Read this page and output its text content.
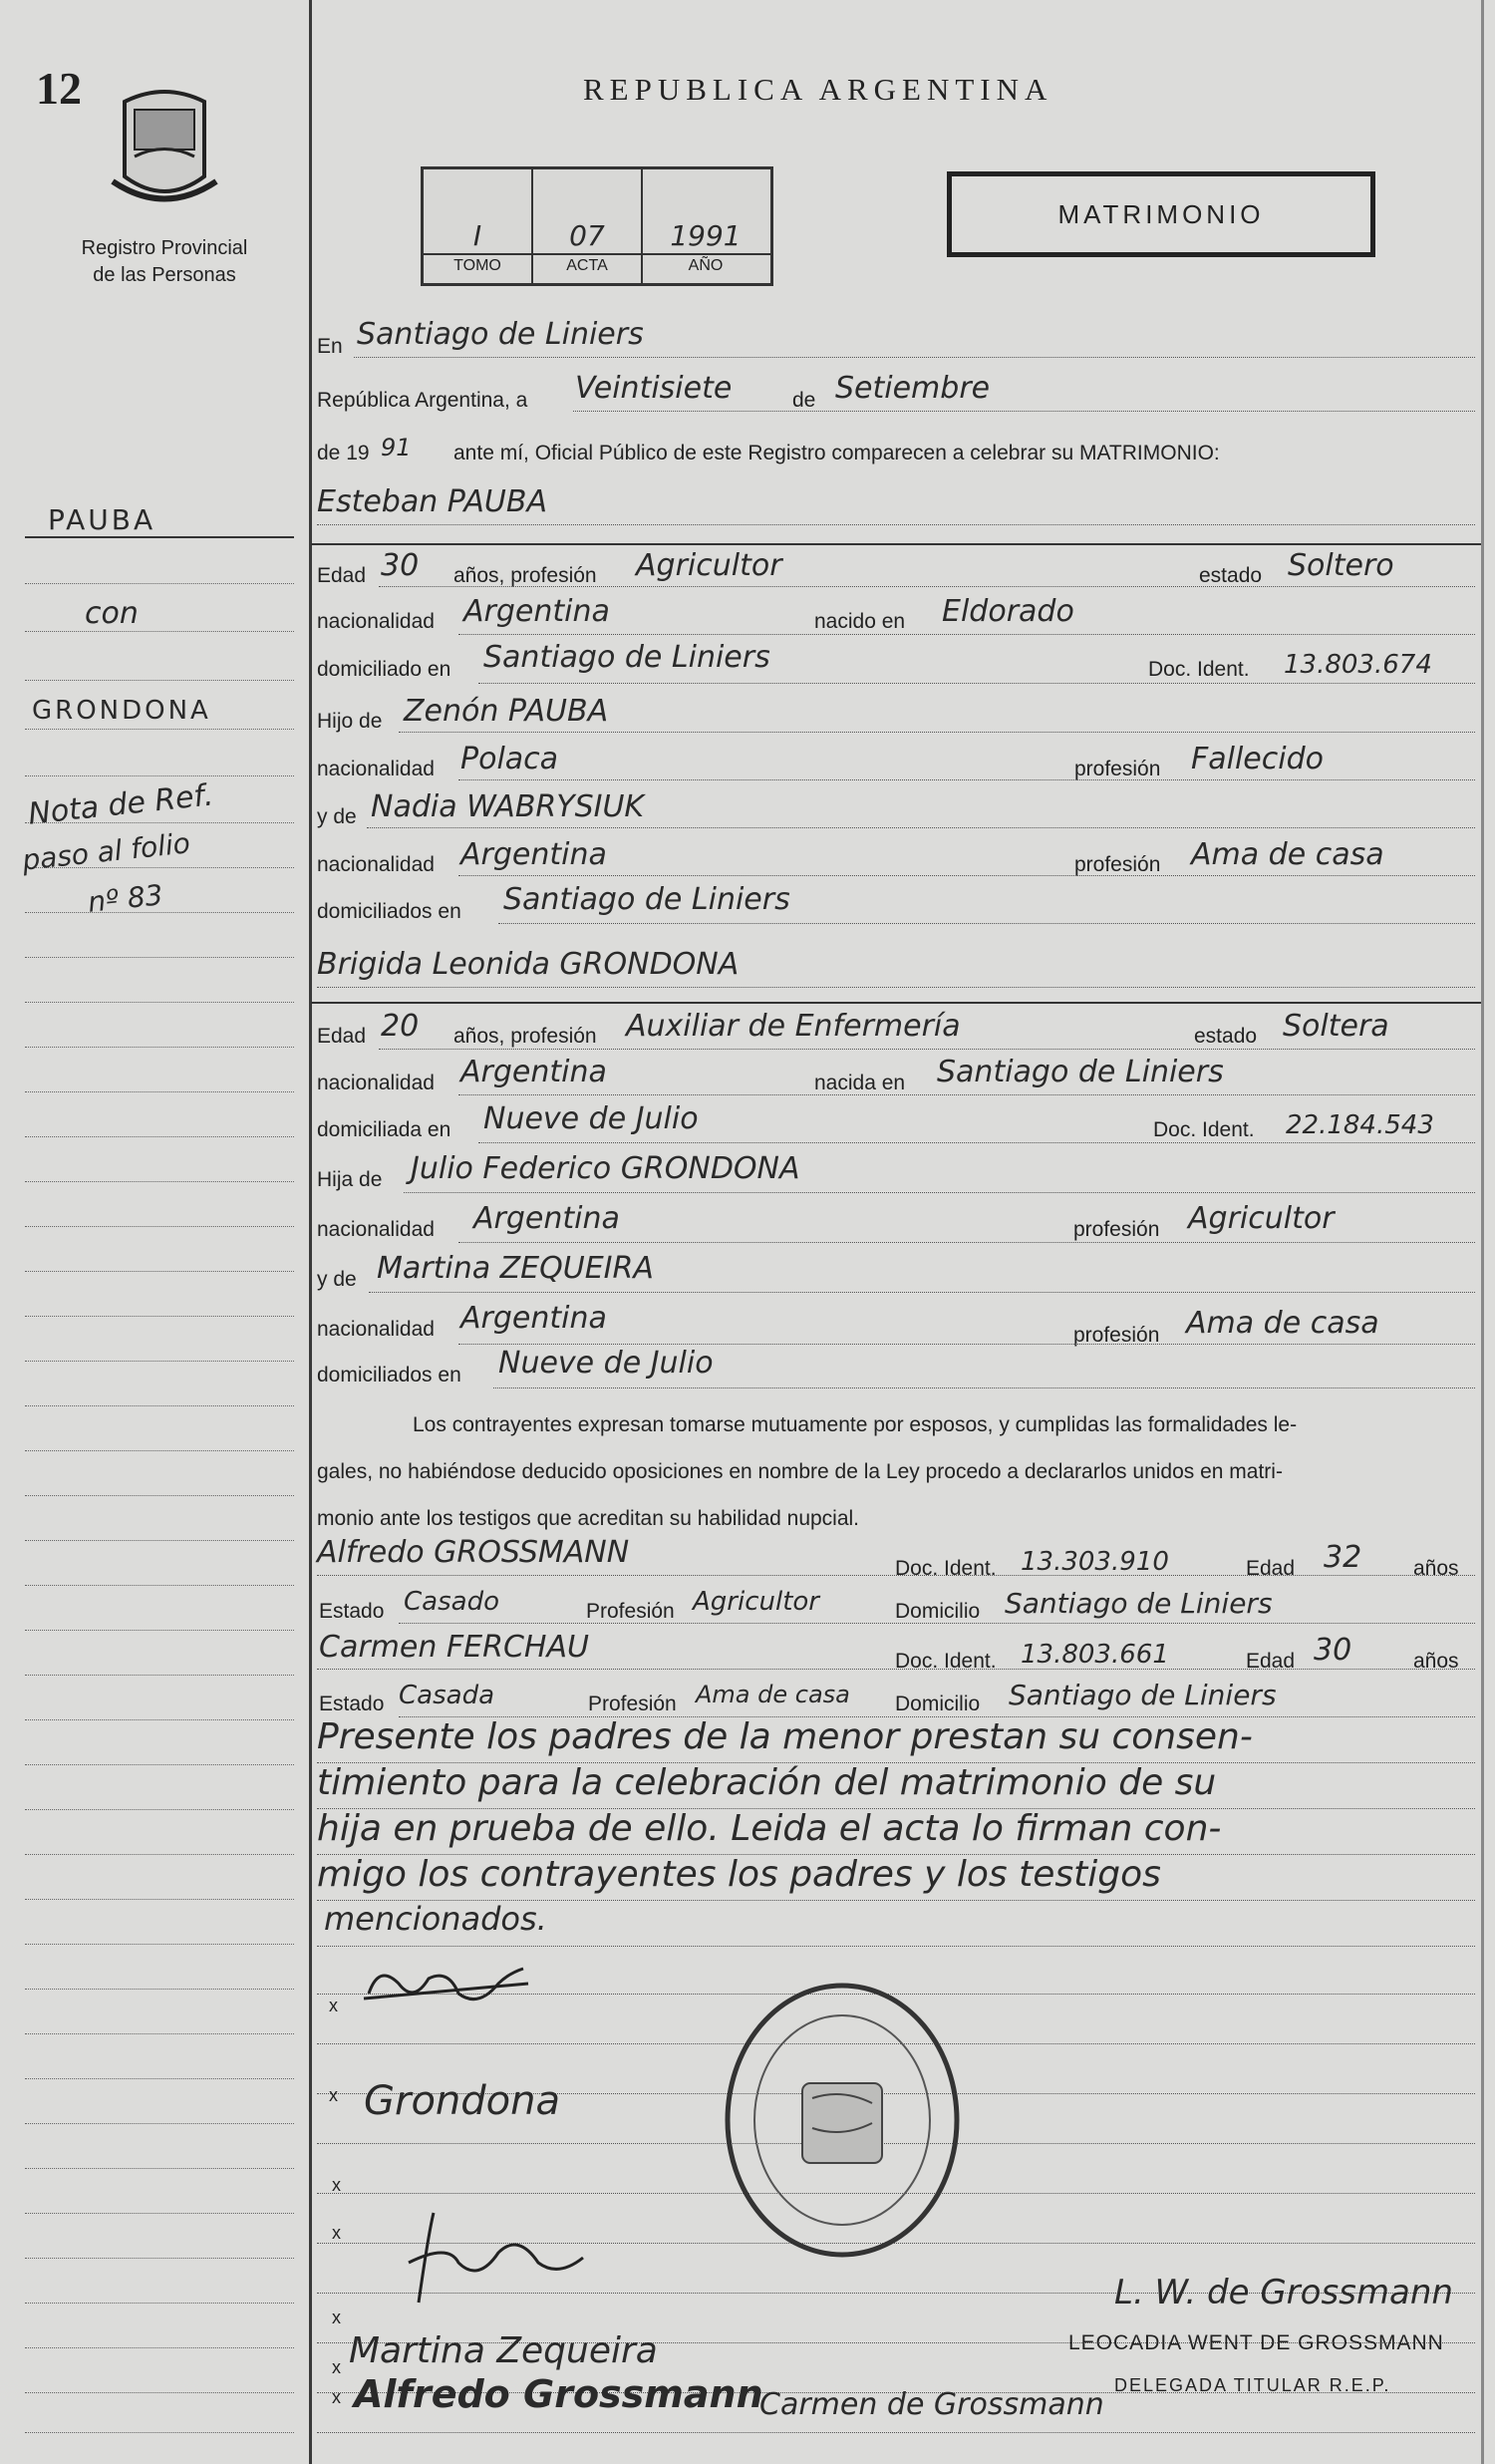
12
Registro Provincial
de las Personas
REPUBLICA ARGENTINA
I	07	1991
TOMO	ACTA	AÑO
MATRIMONIO
PAUBA
con
GRONDONA
Nota de Ref.
paso al folio
nº 83
En Santiago de Liniers
República Argentina, a Veintisiete	de Setiembre
de 19 91 ante mí, Oficial Público de este Registro comparecen a celebrar su MATRIMONIO:
Esteban PAUBA
Edad 30 años, profesión Agricultor	estado Soltero
nacionalidad Argentina	nacido en Eldorado
domiciliado en Santiago de Liniers	Doc. Ident. 13.803.674
Hijo de Zenón PAUBA
nacionalidad Polaca	profesión Fallecido
y de Nadia WABRYSIUK
nacionalidad Argentina	profesión Ama de casa
domiciliados en Santiago de Liniers
Brigida Leonida GRONDONA
Edad 20 años, profesión Auxiliar de Enfermería	estado Soltera
nacionalidad Argentina	nacida en Santiago de Liniers
domiciliada en Nueve de Julio	Doc. Ident. 22.184.543
Hija de Julio Federico GRONDONA
nacionalidad Argentina	profesión Agricultor
y de Martina ZEQUEIRA
nacionalidad Argentina	profesión Ama de casa
domiciliados en Nueve de Julio
Los contrayentes expresan tomarse mutuamente por esposos, y cumplidas las formalidades le-
gales, no habiéndose deducido oposiciones en nombre de la Ley procedo a declararlos unidos en matri-
monio ante los testigos que acreditan su habilidad nupcial.
Alfredo GROSSMANN	Doc. Ident. 13.303.910	Edad 32 años
Estado Casado	Profesión Agricultor	Domicilio Santiago de Liniers
Carmen FERCHAU	Doc. Ident. 13.803.661	Edad 30	años
Estado Casada	Profesión Ama de casa Domicilio Santiago de Liniers
Presente los padres de la menor prestan su consen-
timiento para la celebración del matrimonio de su
hija en prueba de ello. Leida el acta lo firman con-
migo los contrayentes los padres y los testigos
mencionados.
x
x
x
x
x
x
x
Grondona
Martina Zequeira
Alfredo Grossmann
Carmen de Grossmann
L. W. de Grossmann
LEOCADIA WENT DE GROSSMANN
DELEGADA TITULAR R.E.P.
